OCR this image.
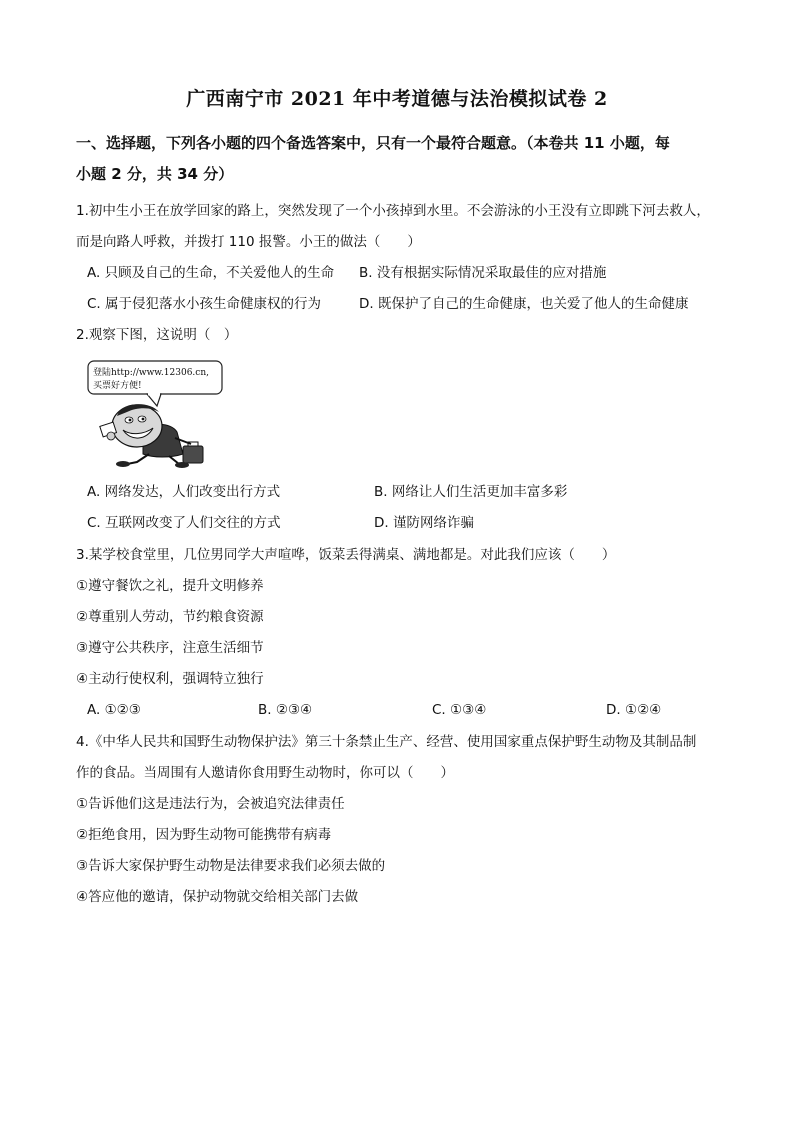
广西南宁市 2021 年中考道德与法治模拟试卷 2
一、选择题，下列各小题的四个备选答案中，只有一个最符合题意。（本卷共 11 小题，每
小题 2 分，共 34 分）
1.初中生小王在放学回家的路上，突然发现了一个小孩掉到水里。不会游泳的小王没有立即跳下河去救人，
而是向路人呼救，并拨打 110 报警。小王的做法（　　）
A. 只顾及自己的生命，不关爱他人的生命 B. 没有根据实际情况采取最佳的应对措施
C. 属于侵犯落水小孩生命健康权的行为	D. 既保护了自己的生命健康，也关爱了他人的生命健康
2.观察下图，这说明（　）
登陆http://www.12306.cn,
买票好方便!
A. 网络发达，人们改变出行方式	B. 网络让人们生活更加丰富多彩
C. 互联网改变了人们交往的方式	D. 谨防网络诈骗
3.某学校食堂里，几位男同学大声喧哗，饭菜丢得满桌、满地都是。对此我们应该（　　）
①遵守餐饮之礼，提升文明修养
②尊重别人劳动，节约粮食资源
③遵守公共秩序，注意生活细节
④主动行使权利，强调特立独行
A. ①②③	B. ②③④	C. ①③④	D. ①②④
4.《中华人民共和国野生动物保护法》第三十条禁止生产、经营、使用国家重点保护野生动物及其制品制
作的食品。当周围有人邀请你食用野生动物时，你可以（　　）
①告诉他们这是违法行为，会被追究法律责任
②拒绝食用，因为野生动物可能携带有病毒
③告诉大家保护野生动物是法律要求我们必须去做的
④答应他的邀请，保护动物就交给相关部门去做
